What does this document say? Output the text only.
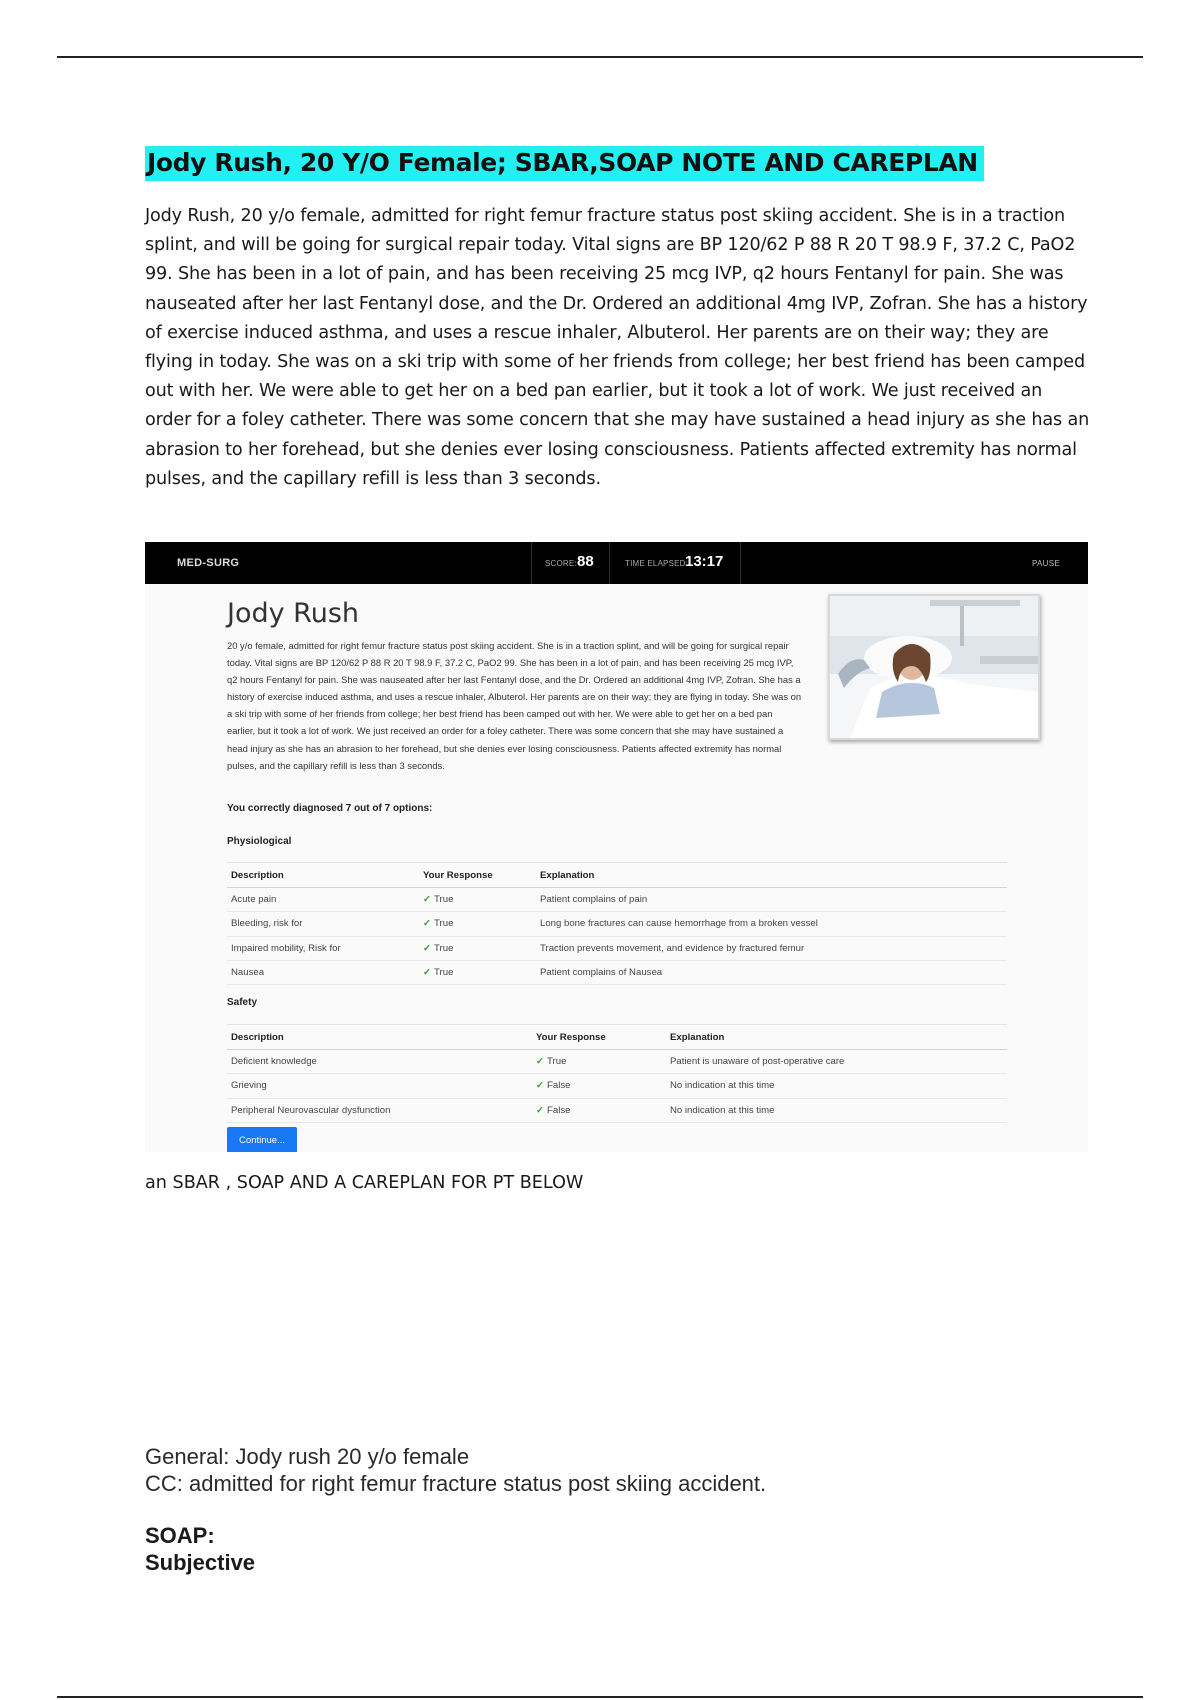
Jody Rush, 20 Y/O Female; SBAR,SOAP NOTE AND CAREPLAN
Jody Rush, 20 y/o female, admitted for right femur fracture status post skiing accident. She is in a traction splint, and will be going for surgical repair today. Vital signs are BP 120/62 P 88 R 20 T 98.9 F, 37.2 C, PaO2 99. She has been in a lot of pain, and has been receiving 25 mcg IVP, q2 hours Fentanyl for pain. She was nauseated after her last Fentanyl dose, and the Dr. Ordered an additional 4mg IVP, Zofran. She has a history of exercise induced asthma, and uses a rescue inhaler, Albuterol. Her parents are on their way; they are flying in today. She was on a ski trip with some of her friends from college; her best friend has been camped out with her. We were able to get her on a bed pan earlier, but it took a lot of work. We just received an order for a foley catheter. There was some concern that she may have sustained a head injury as she has an abrasion to her forehead, but she denies ever losing consciousness. Patients affected extremity has normal pulses, and the capillary refill is less than 3 seconds.
MED-SURG	SCORE: 88	TIME ELAPSED:
13:17	PAUSE
Jody Rush
20 y/o female, admitted for right femur fracture status post skiing accident. She is in a traction splint, and will be going for surgical repair today. Vital signs are BP 120/62 P 88 R 20 T 98.9 F, 37.2 C, PaO2 99. She has been in a lot of pain, and has been receiving 25 mcg IVP, q2 hours Fentanyl for pain. She was nauseated after her last Fentanyl dose, and the Dr. Ordered an additional 4mg IVP, Zofran. She has a history of exercise induced asthma, and uses a rescue inhaler, Albuterol. Her parents are on their way; they are flying in today. She was on a ski trip with some of her friends from college; her best friend has been camped out with her. We were able to get her on a bed pan earlier, but it took a lot of work. We just received an order for a foley catheter. There was some concern that she may have sustained a head injury as she has an abrasion to her forehead, but she denies ever losing consciousness. Patients affected extremity has normal pulses, and the capillary refill is less than 3 seconds.
You correctly diagnosed 7 out of 7 options:
Physiological
Description	Your Response	Explanation
Acute pain	✓ True	Patient complains of pain
Bleeding, risk for	✓ True	Long bone fractures can cause hemorrhage from a broken vessel
Impaired mobility, Risk for	✓ True	Traction prevents movement, and evidence by fractured femur
Nausea	✓ True	Patient complains of Nausea
Safety
Description	Your Response	Explanation
Deficient knowledge	✓ True	Patient is unaware of post-operative care
Grieving	✓ False	No indication at this time
Peripheral Neurovascular dysfunction	✓ False	No indication at this time
Continue...
an SBAR , SOAP AND A CAREPLAN FOR PT BELOW
General: Jody rush 20 y/o female
CC: admitted for right femur fracture status post skiing accident.
SOAP:
Subjective
